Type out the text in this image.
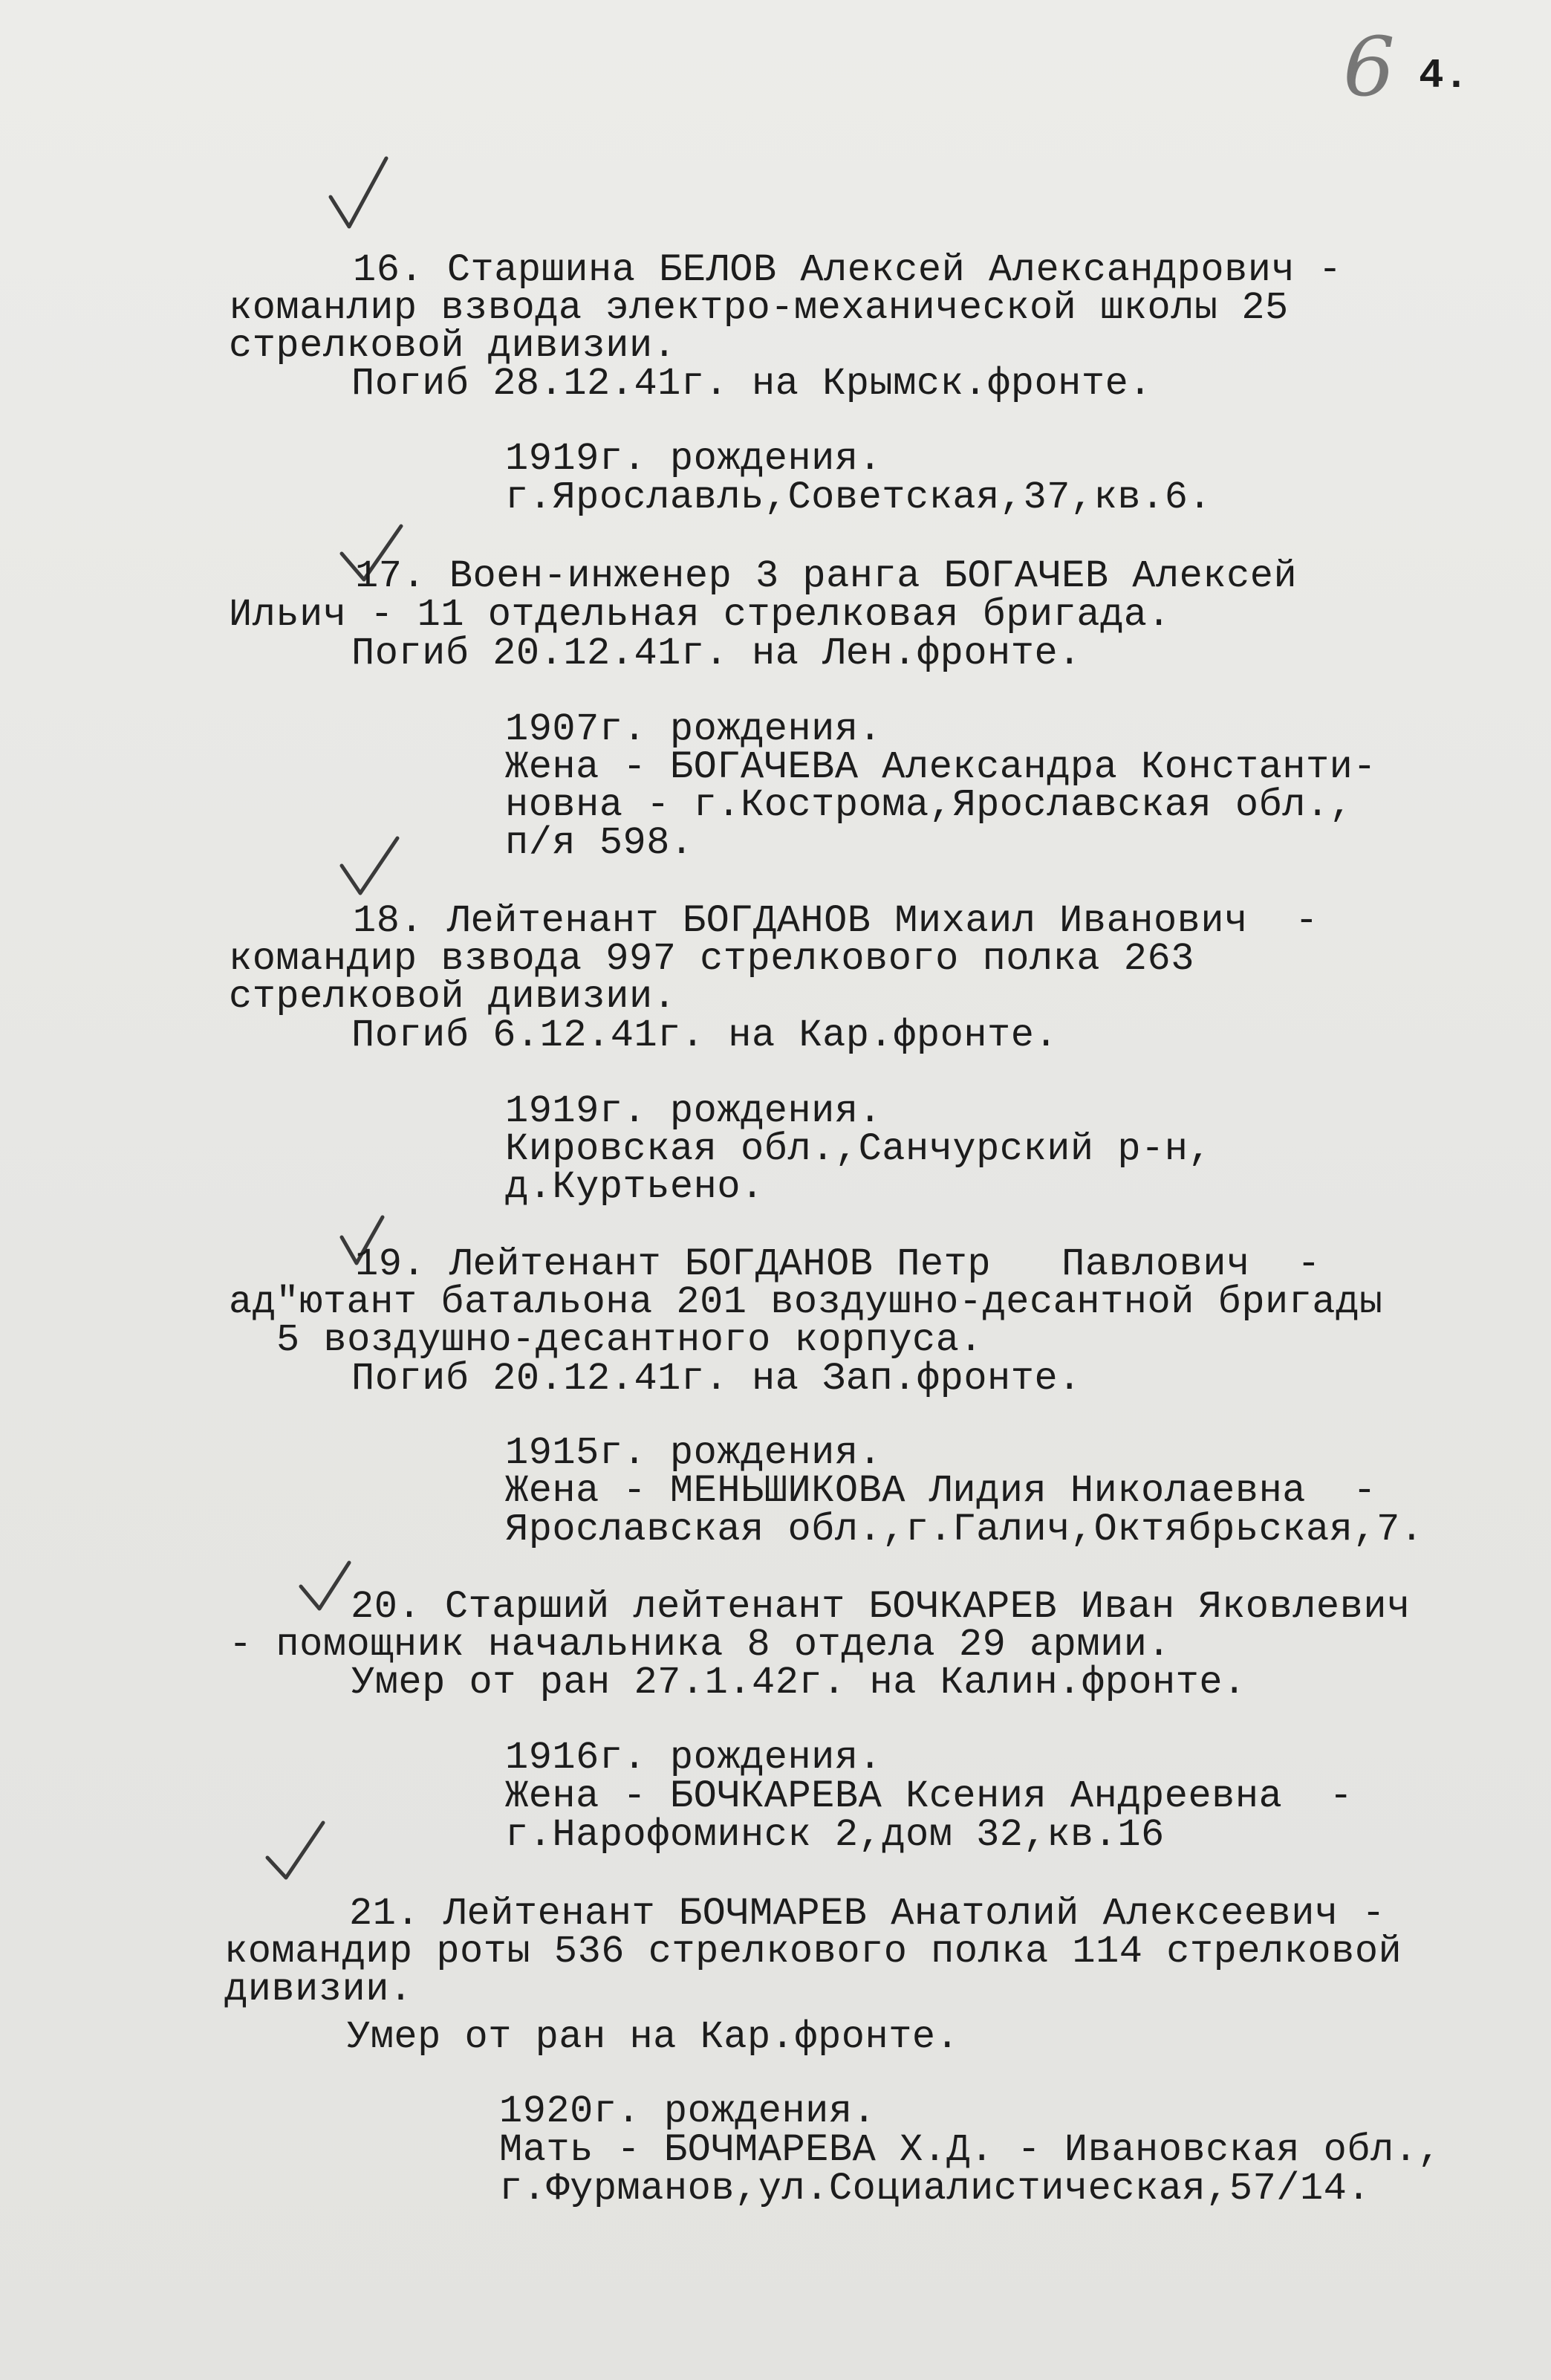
6 4.
16. Старшина БЕЛОВ Алексей Александрович -
команлир взвода электро-механической школы 25
стрелковой дивизии.
Погиб 28.12.41г. на Крымск.фронте.
1919г. рождения.
г.Ярославль,Советская,37,кв.6.
17. Воен-инженер 3 ранга БОГАЧЕВ Алексей
Ильич - 11 отдельная стрелковая бригада.
Погиб 20.12.41г. на Лен.фронте.
1907г. рождения.
Жена - БОГАЧЕВА Александра Константи-
новна - г.Кострома,Ярославская обл.,
п/я 598.
18. Лейтенант БОГДАНОВ Михаил Иванович  -
командир взвода 997 стрелкового полка 263
стрелковой дивизии.
Погиб 6.12.41г. на Кар.фронте.
1919г. рождения.
Кировская обл.,Санчурский р-н,
д.Куртьено.
19. Лейтенант БОГДАНОВ Петр   Павлович  -
ад"ютант батальона 201 воздушно-десантной бригады
5 воздушно-десантного корпуса.
Погиб 20.12.41г. на Зап.фронте.
1915г. рождения.
Жена - МЕНЬШИКОВА Лидия Николаевна  -
Ярославская обл.,г.Галич,Октябрьская,7.
20. Старший лейтенант БОЧКАРЕВ Иван Яковлевич
- помощник начальника 8 отдела 29 армии.
Умер от ран 27.1.42г. на Калин.фронте.
1916г. рождения.
Жена - БОЧКАРЕВА Ксения Андреевна  -
г.Нарофоминск 2,дом 32,кв.16
21. Лейтенант БОЧМАРЕВ Анатолий Алексеевич -
командир роты 536 стрелкового полка 114 стрелковой
дивизии.
Умер от ран на Кар.фронте.
1920г. рождения.
Мать - БОЧМАРЕВА Х.Д. - Ивановская обл.,
г.Фурманов,ул.Социалистическая,57/14.
